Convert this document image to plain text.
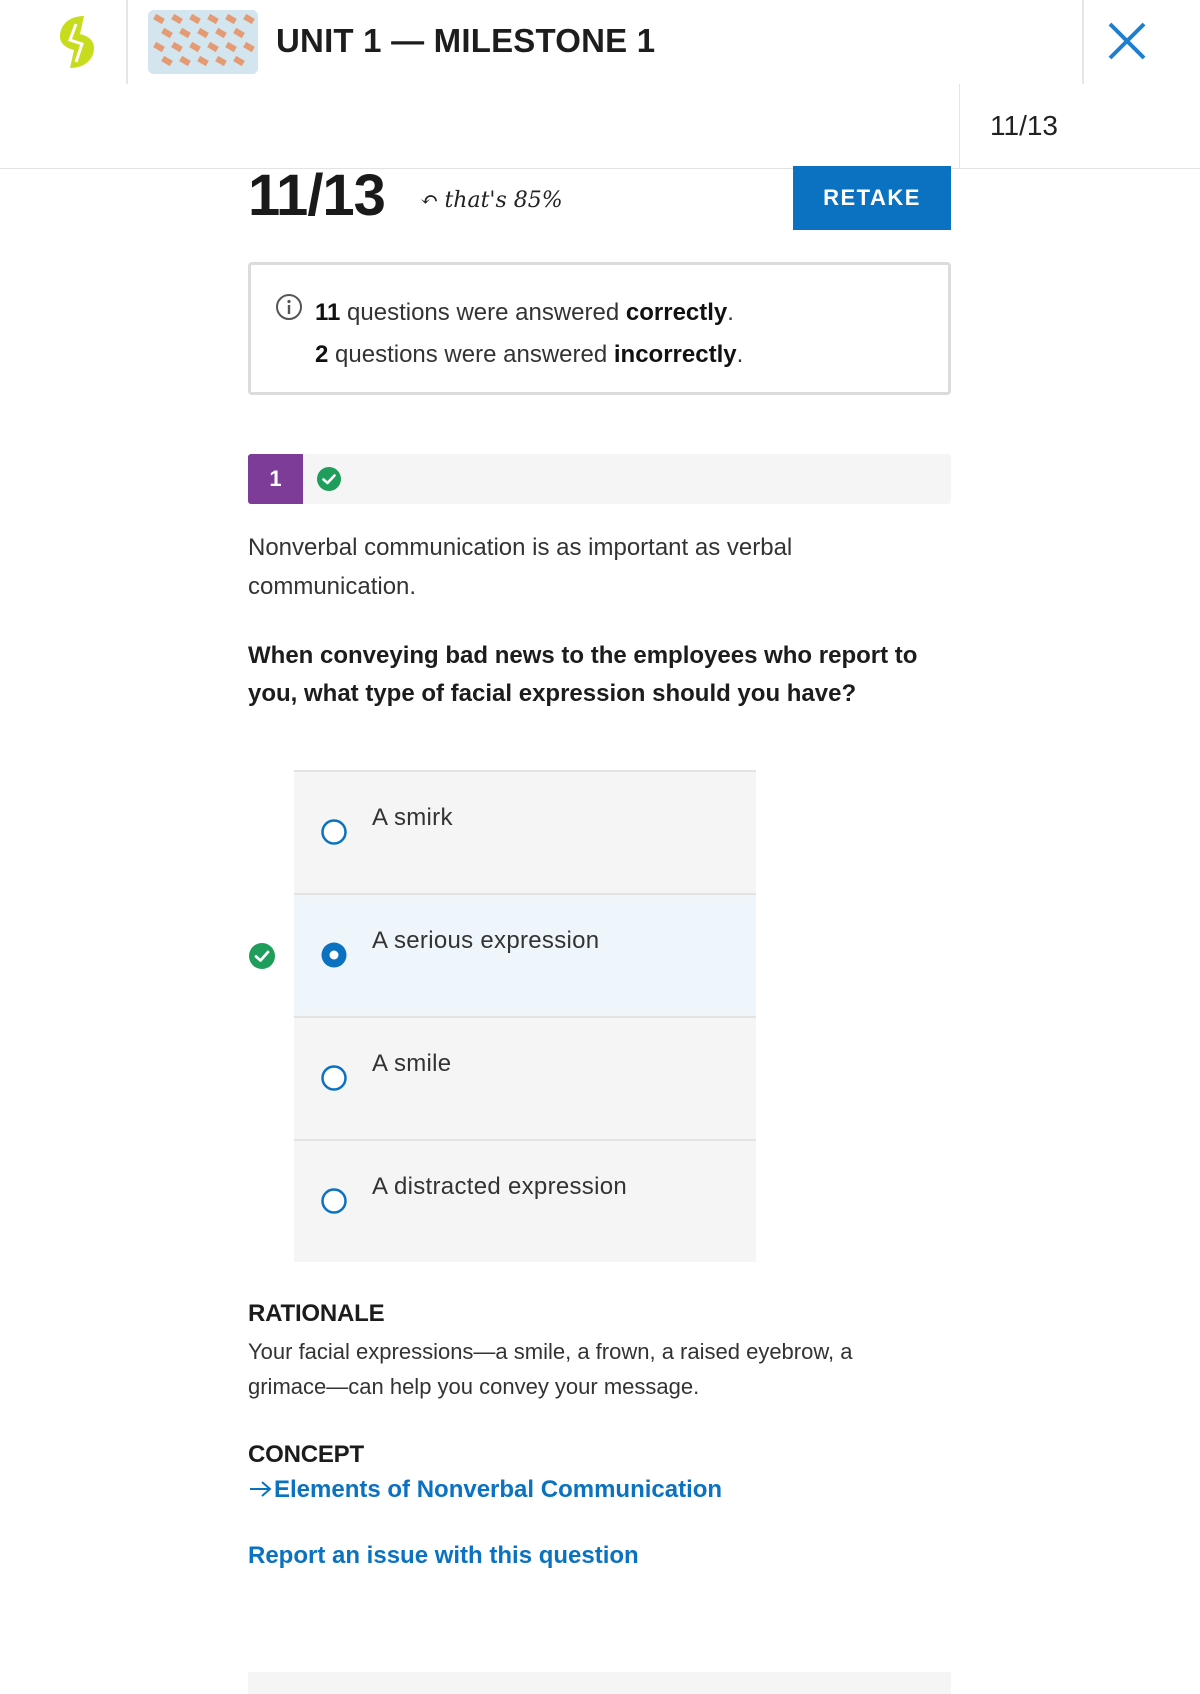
UNIT 1 — MILESTONE 1
11/13
11/13 ↶ that's 85%	RETAKE
11 questions were answered correctly.
2 questions were answered incorrectly.
1
Nonverbal communication is as important as verbal communication.
When conveying bad news to the employees who report to you, what type of facial expression should you have?
A smirk
A serious expression
A smile
A distracted expression
RATIONALE
Your facial expressions—a smile, a frown, a raised eyebrow, a grimace—can help you convey your message.
CONCEPT
Elements of Nonverbal Communication
Report an issue with this question
